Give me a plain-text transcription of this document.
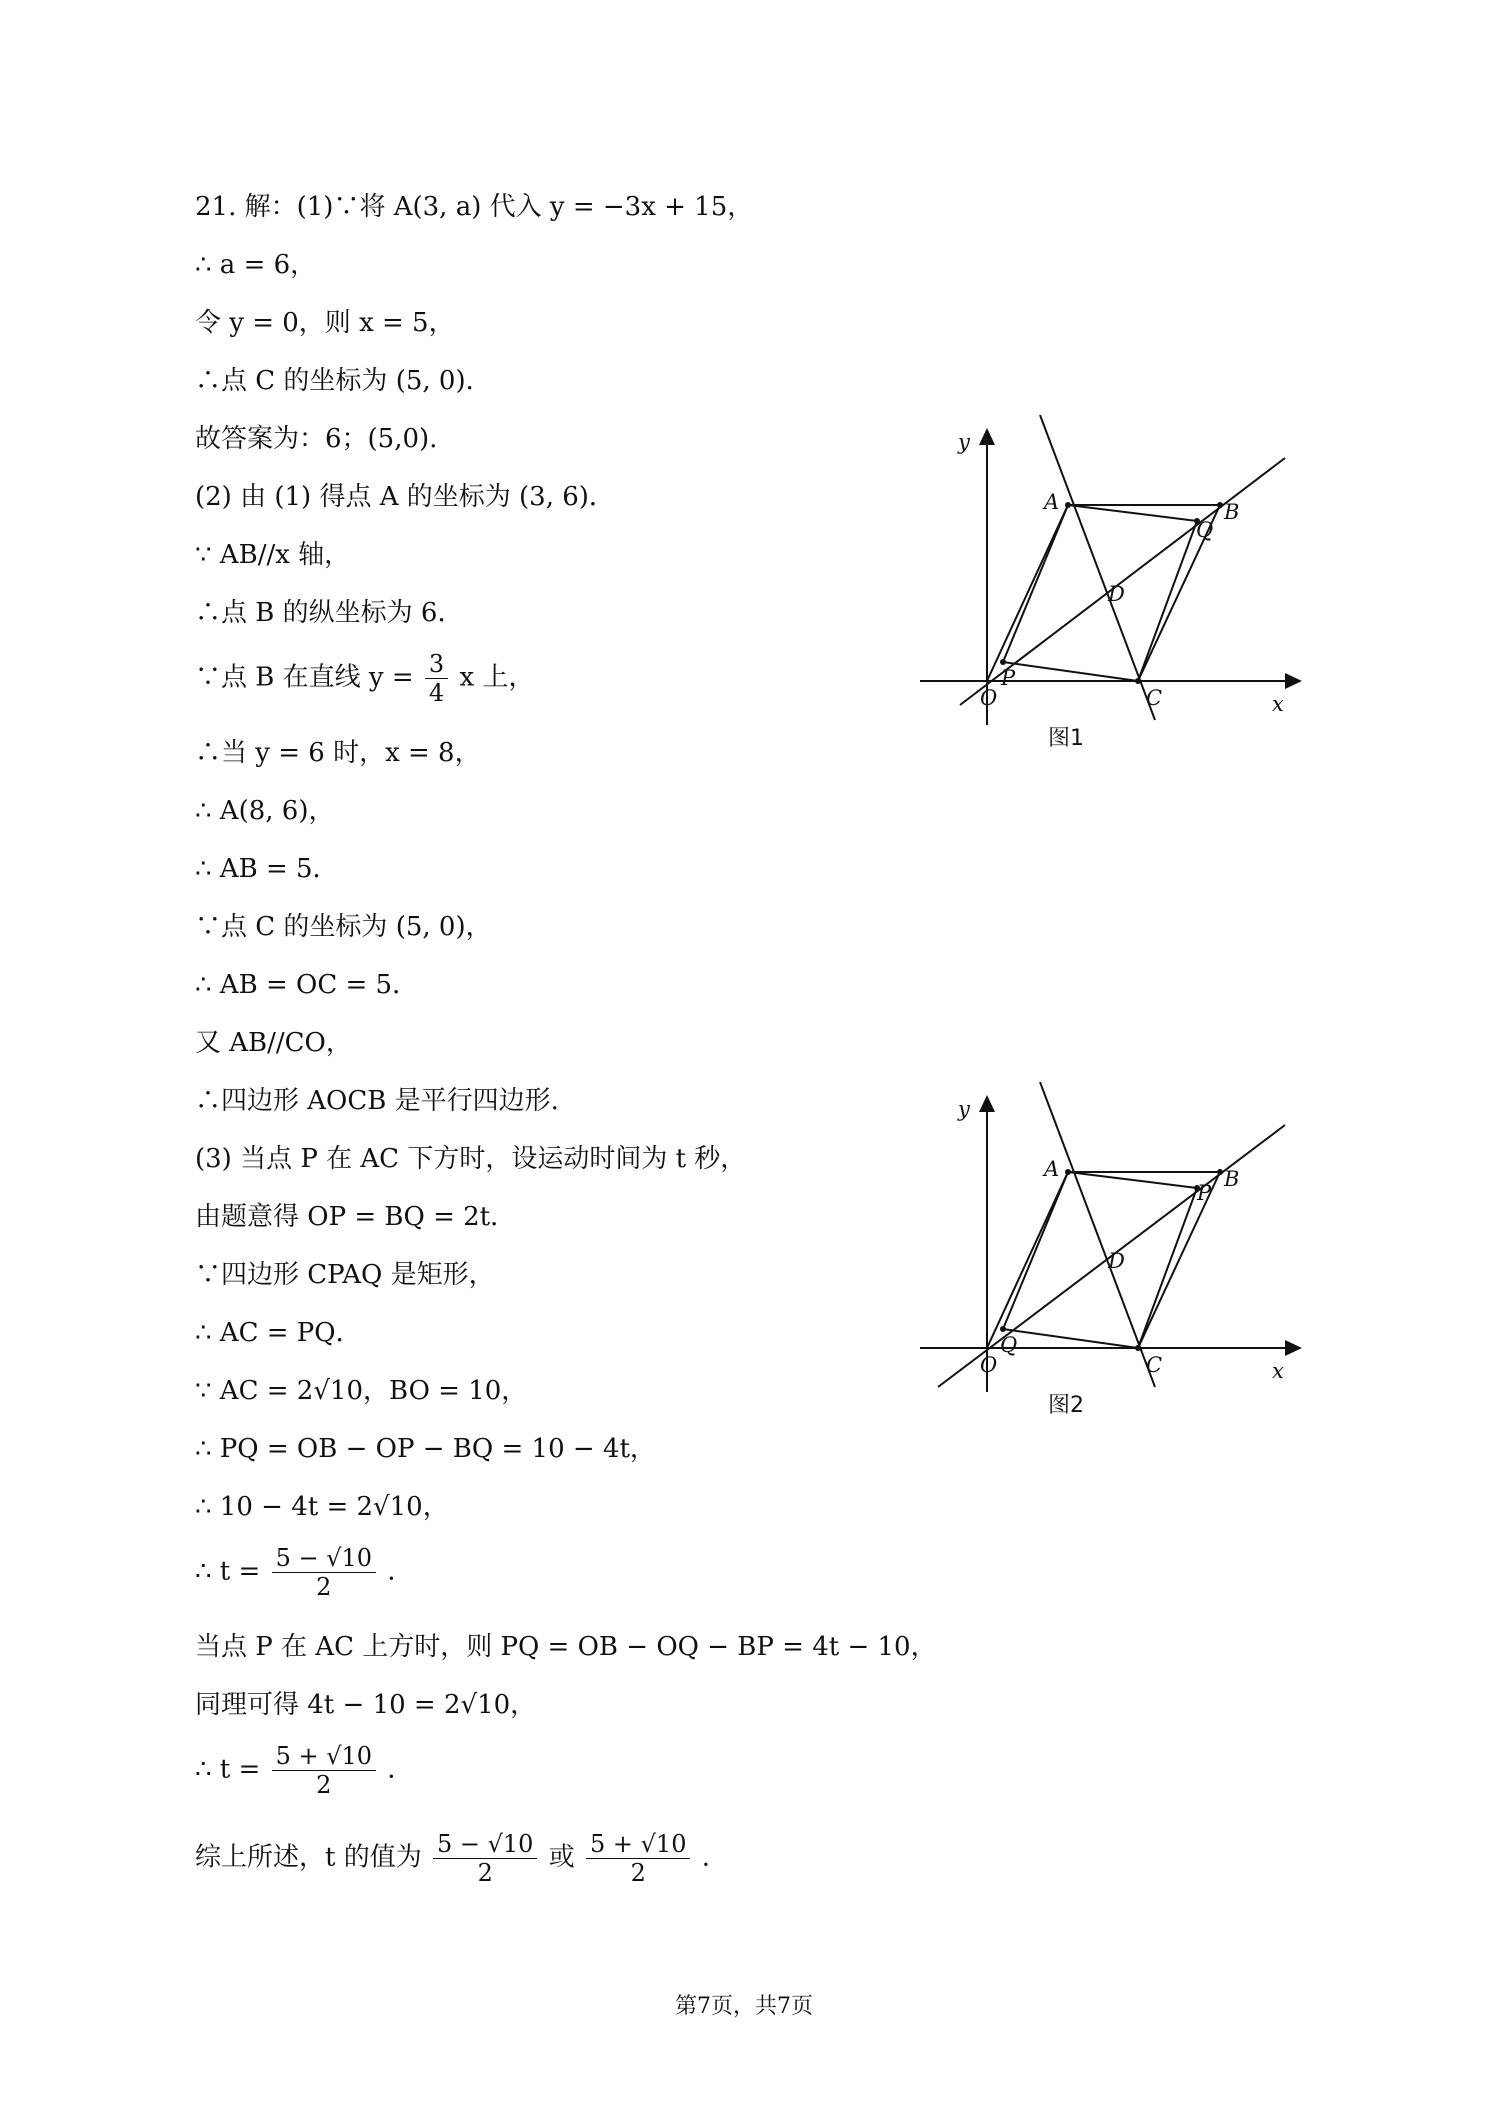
21. 解：(1)∵将 A(3, a) 代入 y = −3x + 15，
∴ a = 6，
令 y = 0，则 x = 5，
∴点 C 的坐标为 (5, 0)．
故答案为：6；(5,0).
(2) 由 (1) 得点 A 的坐标为 (3, 6)．
∵ AB//x 轴，
∴点 B 的纵坐标为 6．
∵点 B 在直线 $y = \frac{3}{4}$ x 上，
∴当 y = 6 时，x = 8，
∴ A(8, 6)，
∴ AB = 5．
∵点 C 的坐标为 (5, 0)，
∴ AB = OC = 5．
又 AB//CO，
∴四边形 AOCB 是平行四边形.
(3) 当点 P 在 AC 下方时，设运动时间为 t 秒，
由题意得 OP = BQ = 2t．
∵四边形 CPAQ 是矩形，
∴ AC = PQ．
∵ AC = 2√10，BO = 10，
∴ PQ = OB − OP − BQ = 10 − 4t，
∴ 10 − 4t = 2√10，
∴ $t = \frac{5 - √10}{2}$ ．
当点 P 在 AC 上方时，则 PQ = OB − OQ − BP = 4t − 10，
同理可得 4t − 10 = 2√10，
∴ $t = \frac{5 + √10}{2}$ ．
综上所述，t 的值为 $\frac{5 - √10}{2}$ 或 $\frac{5 + √10}{2}$ .
y
x
A	B
Q
D
P
O	C
图1
y
x
A	B
P
D
Q
O	C
图2
第7页，共7页
